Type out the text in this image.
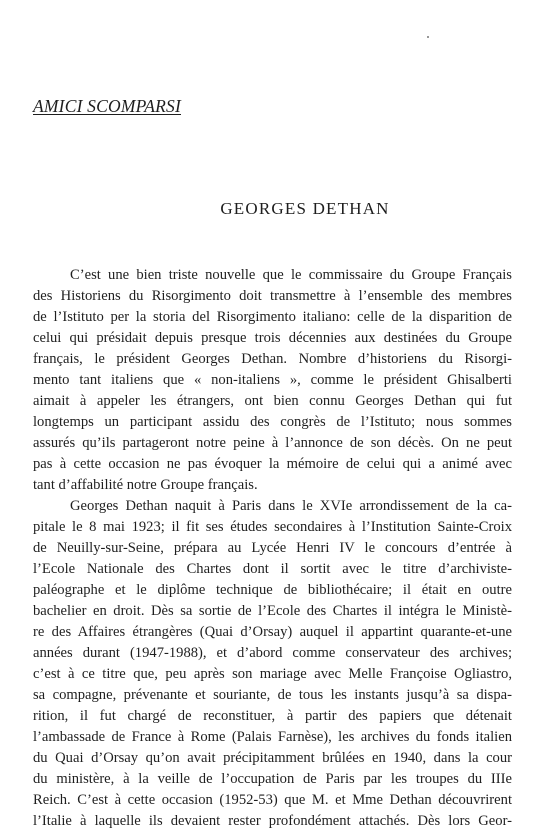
AMICI SCOMPARSI
GEORGES DETHAN
C’est une bien triste nouvelle que le commissaire du Groupe Français
des Historiens du Risorgimento doit transmettre à l’ensemble des membres
de l’Istituto per la storia del Risorgimento italiano: celle de la disparition de
celui qui présidait depuis presque trois décennies aux destinées du Groupe
français, le président Georges Dethan. Nombre d’historiens du Risorgi-
mento tant italiens que « non-italiens », comme le président Ghisalberti
aimait à appeler les étrangers, ont bien connu Georges Dethan qui fut
longtemps un participant assidu des congrès de l’Istituto; nous sommes
assurés qu’ils partageront notre peine à l’annonce de son décès. On ne peut
pas à cette occasion ne pas évoquer la mémoire de celui qui a animé avec
tant d’affabilité notre Groupe français.
Georges Dethan naquit à Paris dans le XVIe arrondissement de la ca-
pitale le 8 mai 1923; il fit ses études secondaires à l’Institution Sainte-Croix
de Neuilly-sur-Seine, prépara au Lycée Henri IV le concours d’entrée à
l’Ecole Nationale des Chartes dont il sortit avec le titre d’archiviste-
paléographe et le diplôme technique de bibliothécaire; il était en outre
bachelier en droit. Dès sa sortie de l’Ecole des Chartes il intégra le Ministè-
re des Affaires étrangères (Quai d’Orsay) auquel il appartint quarante-et-une
années durant (1947-1988), et d’abord comme conservateur des archives;
c’est à ce titre que, peu après son mariage avec Melle Françoise Ogliastro,
sa compagne, prévenante et souriante, de tous les instants jusqu’à sa dispa-
rition, il fut chargé de reconstituer, à partir des papiers que détenait
l’ambassade de France à Rome (Palais Farnèse), les archives du fonds italien
du Quai d’Orsay qu’on avait précipitamment brûlées en 1940, dans la cour
du ministère, à la veille de l’occupation de Paris par les troupes du IIIe
Reich. C’est à cette occasion (1952-53) que M. et Mme Dethan découvrirent
l’Italie à laquelle ils devaient rester profondément attachés. Dès lors Geor-
